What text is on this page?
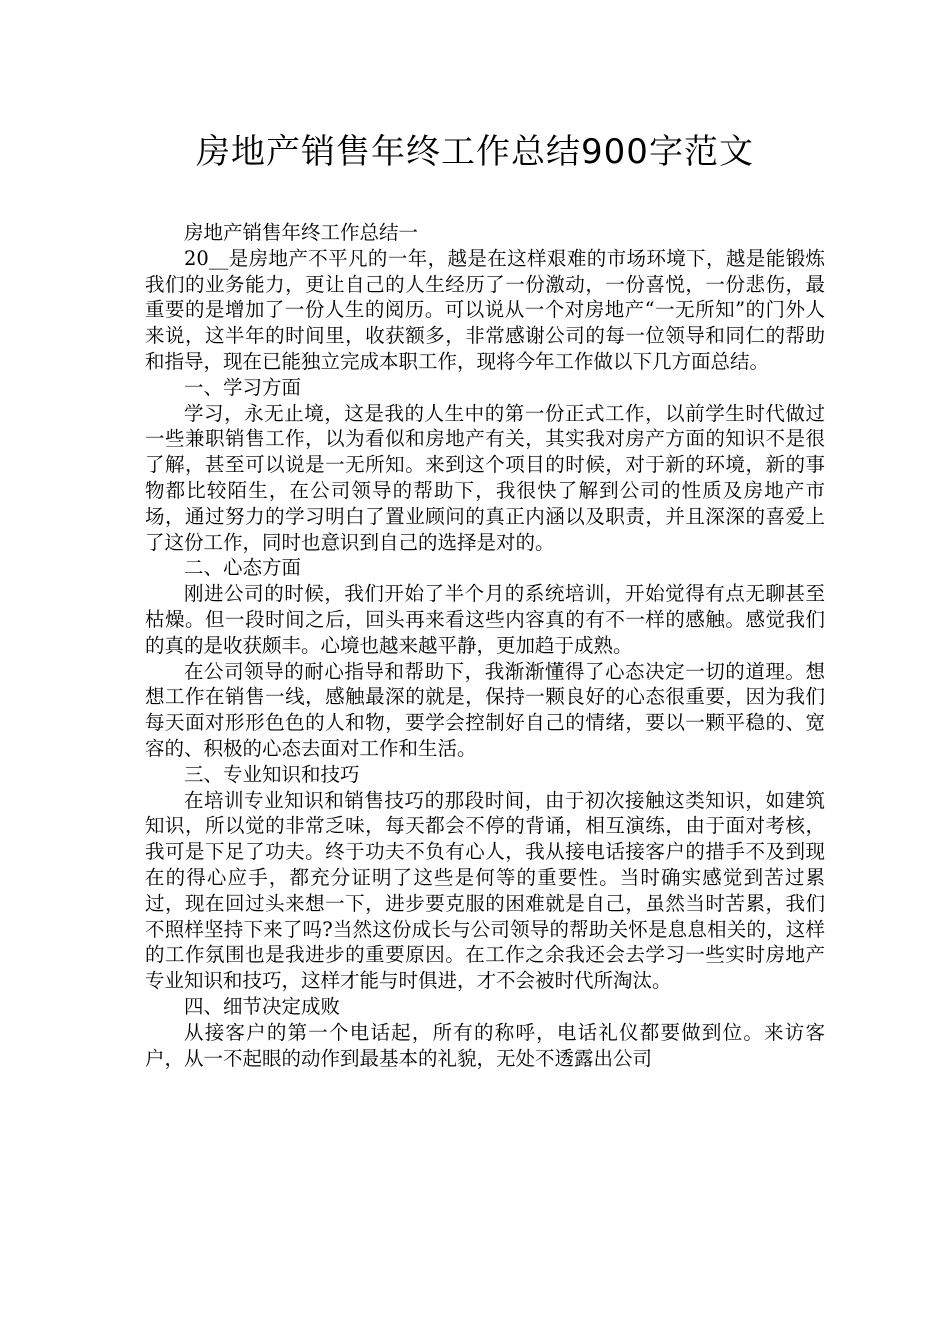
房地产销售年终工作总结900字范文

房地产销售年终工作总结一

20__是房地产不平凡的一年，越是在这样艰难的市场环境下，越是能锻炼我们的业务能力，更让自己的人生经历了一份激动，一份喜悦，一份悲伤，最重要的是增加了一份人生的阅历。可以说从一个对房地产“一无所知”的门外人来说，这半年的时间里，收获额多，非常感谢公司的每一位领导和同仁的帮助和指导，现在已能独立完成本职工作，现将今年工作做以下几方面总结。

一、学习方面

学习，永无止境，这是我的人生中的第一份正式工作，以前学生时代做过一些兼职销售工作，以为看似和房地产有关，其实我对房产方面的知识不是很了解，甚至可以说是一无所知。来到这个项目的时候，对于新的环境，新的事物都比较陌生，在公司领导的帮助下，我很快了解到公司的性质及房地产市场，通过努力的学习明白了置业顾问的真正内涵以及职责，并且深深的喜爱上了这份工作，同时也意识到自己的选择是对的。

二、心态方面

刚进公司的时候，我们开始了半个月的系统培训，开始觉得有点无聊甚至枯燥。但一段时间之后，回头再来看这些内容真的有不一样的感触。感觉我们的真的是收获颇丰。心境也越来越平静，更加趋于成熟。

在公司领导的耐心指导和帮助下，我渐渐懂得了心态决定一切的道理。想想工作在销售一线，感触最深的就是，保持一颗良好的心态很重要，因为我们每天面对形形色色的人和物，要学会控制好自己的情绪，要以一颗平稳的、宽容的、积极的心态去面对工作和生活。

三、专业知识和技巧

在培训专业知识和销售技巧的那段时间，由于初次接触这类知识，如建筑知识，所以觉的非常乏味，每天都会不停的背诵，相互演练，由于面对考核，我可是下足了功夫。终于功夫不负有心人，我从接电话接客户的措手不及到现在的得心应手，都充分证明了这些是何等的重要性。当时确实感觉到苦过累过，现在回过头来想一下，进步要克服的困难就是自己，虽然当时苦累，我们不照样坚持下来了吗?当然这份成长与公司领导的帮助关怀是息息相关的，这样的工作氛围也是我进步的重要原因。在工作之余我还会去学习一些实时房地产专业知识和技巧，这样才能与时俱进，才不会被时代所淘汰。

四、细节决定成败

从接客户的第一个电话起，所有的称呼，电话礼仪都要做到位。来访客户，从一不起眼的动作到最基本的礼貌，无处不透露出公司
